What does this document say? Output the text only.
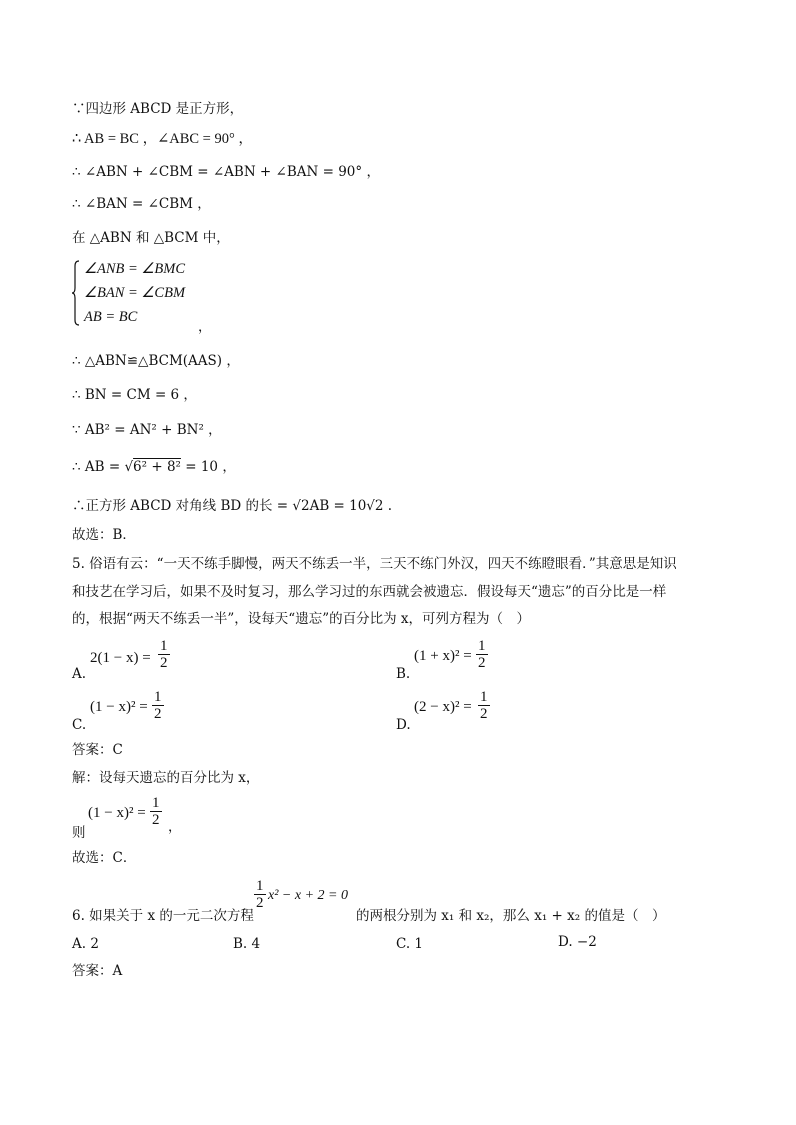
∵四边形 ABCD 是正方形，
∴ AB = BC ，∠ABC = 90° ，
∴ ∠ABN + ∠CBM = ∠ABN + ∠BAN = 90° ，
∴ ∠BAN = ∠CBM ，
在 △ABN 和 △BCM 中，
∠ANB = ∠BMC
∠BAN = ∠CBM
AB = BC
，
∴ △ABN≌△BCM(AAS) ，
∴ BN = CM = 6 ，
∵ AB² = AN² + BN² ，
∴ AB = √6² + 8² = 10 ，
∴正方形 ABCD 对角线 BD 的长 = √2AB = 10√2 .
故选：B．
5. 俗语有云：“一天不练手脚慢，两天不练丢一半，三天不练门外汉，四天不练瞪眼看．”其意思是知识
和技艺在学习后，如果不及时复习，那么学习过的东西就会被遗忘．假设每天“遗忘”的百分比是一样
的，根据“两天不练丢一半”，设每天“遗忘”的百分比为 x，可列方程为（　）
A.
$2(1 - x) = \frac{1}{2}$
B.
$(1 + x)^2 = \frac{1}{2}$
C.
$(1 - x)^2 = \frac{1}{2}$
D.
$(2 - x)^2 = \frac{1}{2}$
答案：C
解：设每天遗忘的百分比为 x，
则
$(1 - x)^2 = \frac{1}{2}$ ，
故选：C．
6. 如果关于 x 的一元二次方程
$\frac{1}{2} x^2 - x + 2 = 0$
的两根分别为 x₁ 和 x₂，那么 x₁ + x₂ 的值是（　）
A. 2	B. 4	C. 1	D. −2
答案：A
